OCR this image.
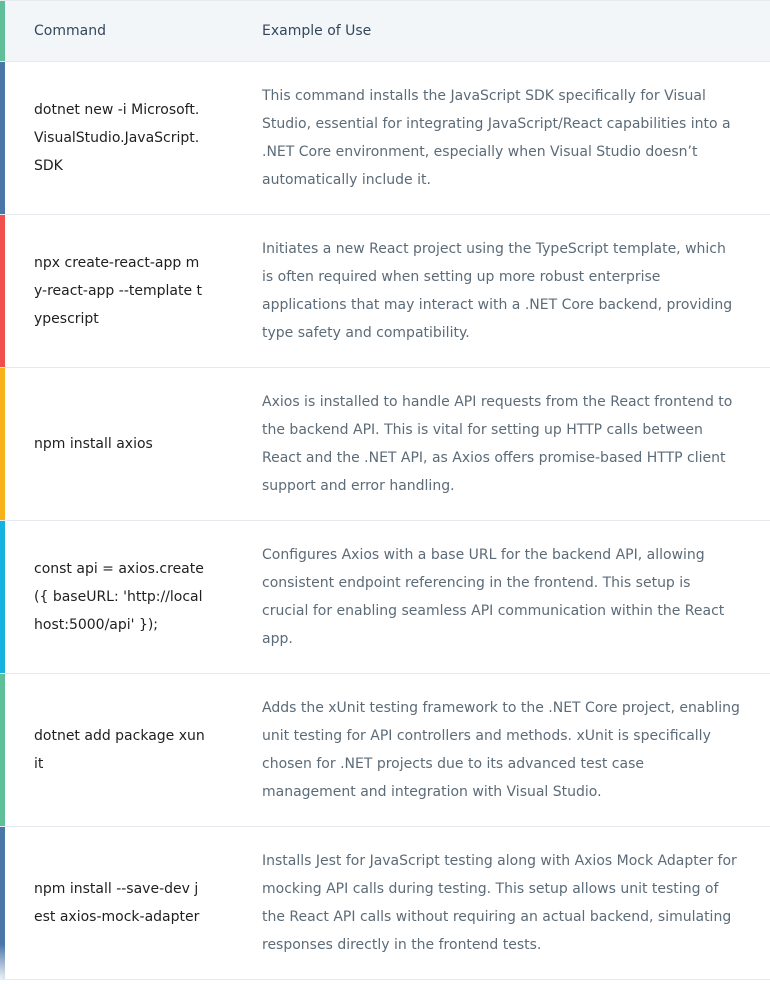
Command	Example of Use
dotnet new -i Microsoft.VisualStudio.JavaScript.SDK
This command installs the JavaScript SDK specifically for Visual Studio, essential for integrating JavaScript/React capabilities into a .NET Core environment, especially when Visual Studio doesn’t automatically include it.
npx create-react-app my-react-app --template typescript
Initiates a new React project using the TypeScript template, which is often required when setting up more robust enterprise applications that may interact with a .NET Core backend, providing type safety and compatibility.
npm install axios
Axios is installed to handle API requests from the React frontend to the backend API. This is vital for setting up HTTP calls between React and the .NET API, as Axios offers promise-based HTTP client support and error handling.
const api = axios.create({ baseURL: 'http://localhost:5000/api' });
Configures Axios with a base URL for the backend API, allowing consistent endpoint referencing in the frontend. This setup is crucial for enabling seamless API communication within the React app.
dotnet add package xunit
Adds the xUnit testing framework to the .NET Core project, enabling unit testing for API controllers and methods. xUnit is specifically chosen for .NET projects due to its advanced test case management and integration with Visual Studio.
npm install --save-dev jest axios-mock-adapter
Installs Jest for JavaScript testing along with Axios Mock Adapter for mocking API calls during testing. This setup allows unit testing of the React API calls without requiring an actual backend, simulating responses directly in the frontend tests.
